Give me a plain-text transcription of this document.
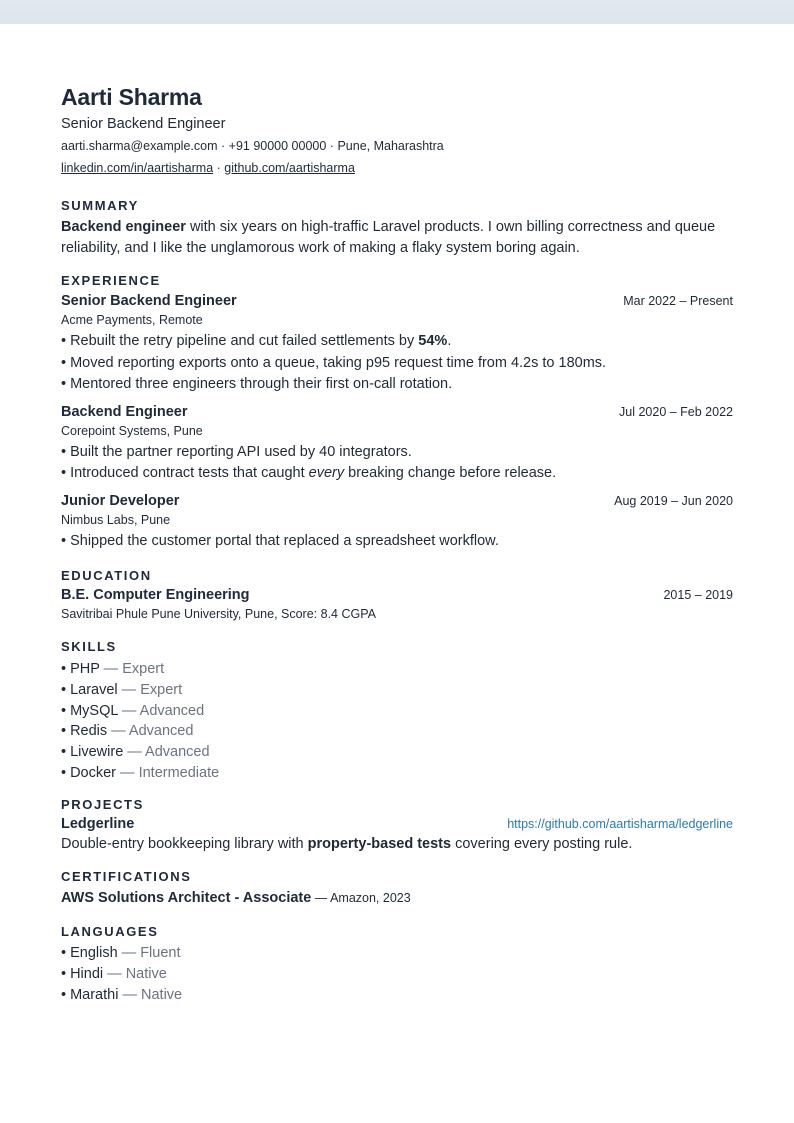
Aarti Sharma
Senior Backend Engineer
aarti.sharma@example.com · +91 90000 00000 · Pune, Maharashtra
linkedin.com/in/aartisharma · github.com/aartisharma
SUMMARY
Backend engineer with six years on high-traffic Laravel products. I own billing correctness and queue reliability, and I like the unglamorous work of making a flaky system boring again.
EXPERIENCE
Senior Backend Engineer	Mar 2022 – Present
Acme Payments, Remote
• Rebuilt the retry pipeline and cut failed settlements by 54%.
• Moved reporting exports onto a queue, taking p95 request time from 4.2s to 180ms.
• Mentored three engineers through their first on-call rotation.
Backend Engineer	Jul 2020 – Feb 2022
Corepoint Systems, Pune
• Built the partner reporting API used by 40 integrators.
• Introduced contract tests that caught every breaking change before release.
Junior Developer	Aug 2019 – Jun 2020
Nimbus Labs, Pune
• Shipped the customer portal that replaced a spreadsheet workflow.
EDUCATION
B.E. Computer Engineering	2015 – 2019
Savitribai Phule Pune University, Pune, Score: 8.4 CGPA
SKILLS
• PHP — Expert
• Laravel — Expert
• MySQL — Advanced
• Redis — Advanced
• Livewire — Advanced
• Docker — Intermediate
PROJECTS
Ledgerline	https://github.com/aartisharma/ledgerline
Double-entry bookkeeping library with property-based tests covering every posting rule.
CERTIFICATIONS
AWS Solutions Architect - Associate — Amazon, 2023
LANGUAGES
• English — Fluent
• Hindi — Native
• Marathi — Native
